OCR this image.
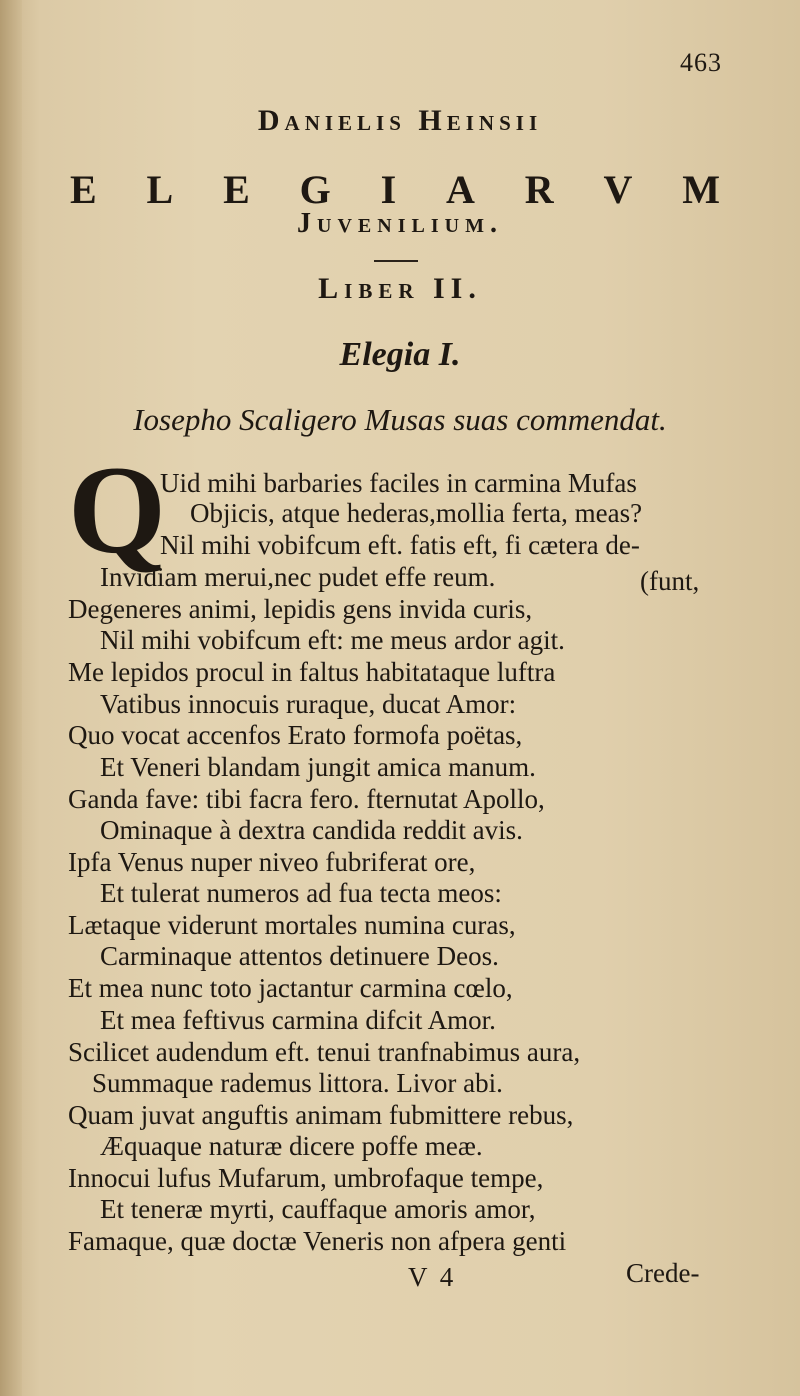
463
Danielis Heinsii
E L E G I A R V M
Juvenilium.
Liber II.
Elegia I.
Iosepho Scaligero Musas suas commendat.
Q
Uid mihi barbaries faciles in carmina Mufas
Objicis, atque hederas,mollia ferta, meas?
Nil mihi vobifcum eft. fatis eft, fi cætera de-
Invidiam merui,nec pudet effe reum.	(funt,
Degeneres animi, lepidis gens invida curis,
Nil mihi vobifcum eft: me meus ardor agit.
Me lepidos procul in faltus habitataque luftra
Vatibus innocuis ruraque, ducat Amor:
Quo vocat accenfos Erato formofa poëtas,
Et Veneri blandam jungit amica manum.
Ganda fave: tibi facra fero. fternutat Apollo,
Ominaque à dextra candida reddit avis.
Ipfa Venus nuper niveo fubriferat ore,
Et tulerat numeros ad fua tecta meos:
Lætaque viderunt mortales numina curas,
Carminaque attentos detinuere Deos.
Et mea nunc toto jactantur carmina cœlo,
Et mea feftivus carmina difcit Amor.
Scilicet audendum eft. tenui tranfnabimus aura,
Summaque rademus littora. Livor abi.
Quam juvat anguftis animam fubmittere rebus,
Æquaque naturæ dicere poffe meæ.
Innocui lufus Mufarum, umbrofaque tempe,
Et teneræ myrti, cauffaque amoris amor,
Famaque, quæ doctæ Veneris non afpera genti
V 4	Crede-
